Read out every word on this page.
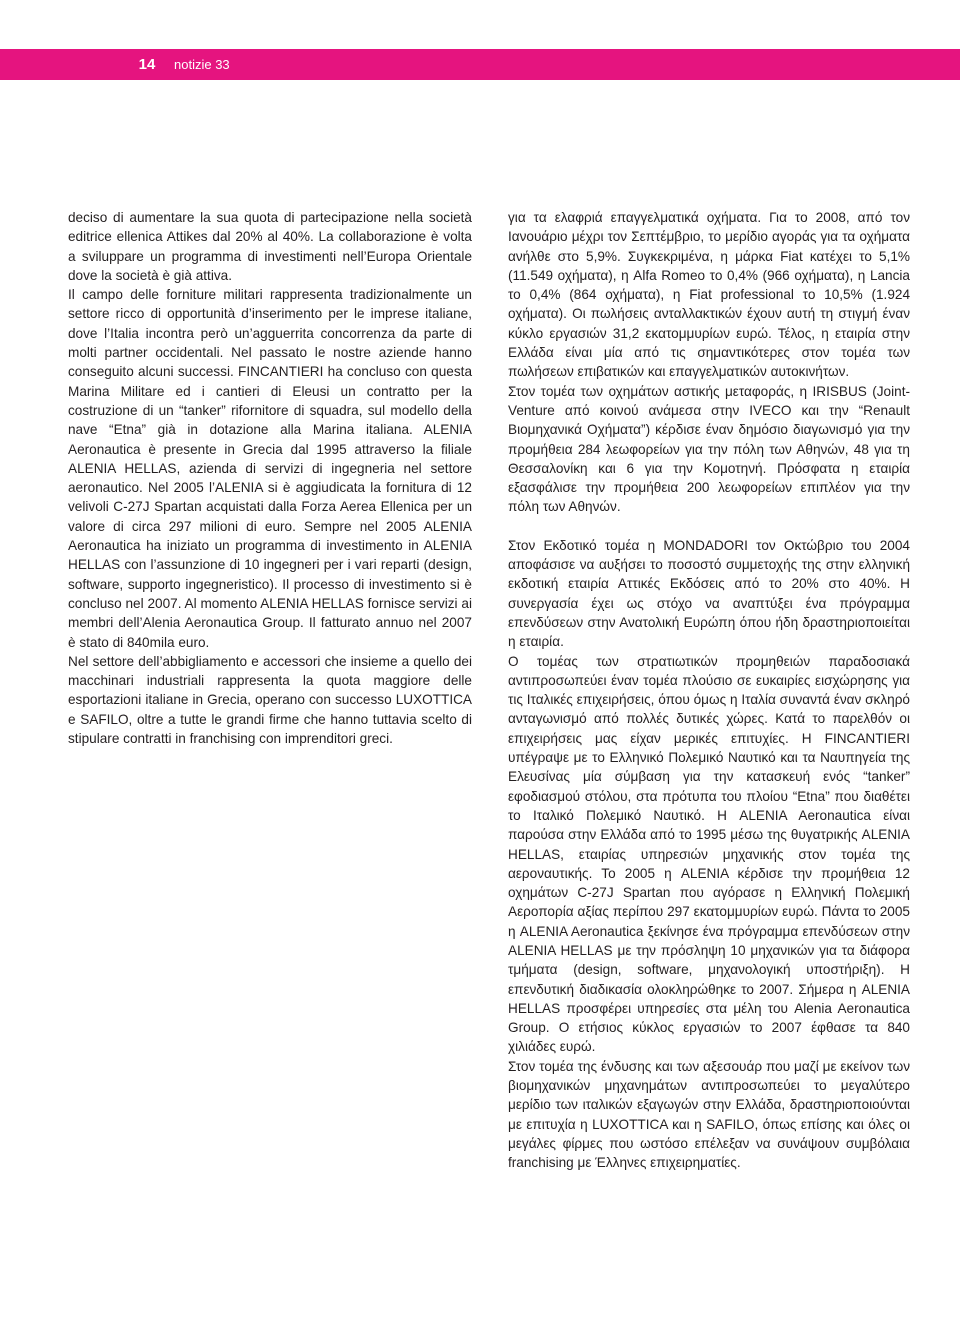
14	notizie 33

deciso di aumentare la sua quota di partecipazione nella società editrice ellenica Attikes dal 20% al 40%. La collaborazione è volta a sviluppare un programma di investimenti nell’Europa Orientale dove la società è già attiva.

Il campo delle forniture militari rappresenta tradizionalmente un settore ricco di opportunità d’inserimento per le imprese italiane, dove l’Italia incontra però un’agguerrita concorrenza da parte di molti partner occidentali. Nel passato le nostre aziende hanno conseguito alcuni successi. FINCANTIERI ha concluso con questa Marina Militare ed i cantieri di Eleusi un contratto per la costruzione di un “tanker” rifornitore di squadra, sul modello della nave “Etna” già in dotazione alla Marina italiana. ALENIA Aeronautica è presente in Grecia dal 1995 attraverso la filiale ALENIA HELLAS, azienda di servizi di ingegneria nel settore aeronautico. Nel 2005 l’ALENIA si è aggiudicata la fornitura di 12 velivoli C-27J Spartan acquistati dalla Forza Aerea Ellenica per un valore di circa 297 milioni di euro. Sempre nel 2005 ALENIA Aeronautica ha iniziato un programma di investimento in ALENIA HELLAS con l’assunzione di 10 ingegneri per i vari reparti (design, software, supporto ingegneristico). Il processo di investimento si è concluso nel 2007. Al momento ALENIA HELLAS fornisce servizi ai membri dell’Alenia Aeronautica Group. Il fatturato annuo nel 2007 è stato di 840mila euro.

Nel settore dell’abbigliamento e accessori che insieme a quello dei macchinari industriali rappresenta la quota maggiore delle esportazioni italiane in Grecia, operano con successo LUXOTTICA e SAFILO, oltre a tutte le grandi firme che hanno tuttavia scelto di stipulare contratti in franchising con imprenditori greci.

για τα ελαφριά επαγγελματικά οχήματα. Για το 2008, από τον Ιανουάριο μέχρι τον Σεπτέμβριο, το μερίδιο αγοράς για τα οχήματα ανήλθε στο 5,9%. Συγκεκριμένα, η μάρκα Fiat κατέχει το 5,1% (11.549 οχήματα), η Alfa Romeo το 0,4% (966 οχήματα), η Lancia το 0,4% (864 οχήματα), η Fiat professional το 10,5% (1.924 οχήματα). Οι πωλήσεις ανταλλακτικών έχουν αυτή τη στιγμή έναν κύκλο εργασιών 31,2 εκατομμυρίων ευρώ. Τέλος, η εταιρία στην Ελλάδα είναι μία από τις σημαντικότερες στον τομέα των πωλήσεων επιβατικών και επαγγελματικών αυτοκινήτων.

Στον τομέα των οχημάτων αστικής μεταφοράς, η IRISBUS (Joint-Venture από κοινού ανάμεσα στην IVECO και την “Renault Βιομηχανικά Οχήματα”) κέρδισε έναν δημόσιο διαγωνισμό για την προμήθεια 284 λεωφορείων για την πόλη των Αθηνών, 48 για τη Θεσσαλονίκη και 6 για την Κομοτηνή. Πρόσφατα η εταιρία εξασφάλισε την προμήθεια 200 λεωφορείων επιπλέον για την πόλη των Αθηνών.

Στον Εκδοτικό τομέα η MONDADORI τον Οκτώβριο του 2004 αποφάσισε να αυξήσει το ποσοστό συμμετοχής της στην ελληνική εκδοτική εταιρία Αττικές Εκδόσεις από το 20% στο 40%. Η συνεργασία έχει ως στόχο να αναπτύξει ένα πρόγραμμα επενδύσεων στην Ανατολική Ευρώπη όπου ήδη δραστηριοποιείται η εταιρία.

Ο τομέας των στρατιωτικών προμηθειών παραδοσιακά αντιπροσωπεύει έναν τομέα πλούσιο σε ευκαιρίες εισχώρησης για τις Ιταλικές επιχειρήσεις, όπου όμως η Ιταλία συναντά έναν σκληρό ανταγωνισμό από πολλές δυτικές χώρες. Κατά το παρελθόν οι επιχειρήσεις μας είχαν μερικές επιτυχίες. Η FINCANTIERI υπέγραψε με το Ελληνικό Πολεμικό Ναυτικό και τα Ναυπηγεία της Ελευσίνας μία σύμβαση για την κατασκευή ενός “tanker” εφοδιασμού στόλου, στα πρότυπα του πλοίου “Etna” που διαθέτει το Ιταλικό Πολεμικό Ναυτικό. Η ALENIA Aeronautica είναι παρούσα στην Ελλάδα από το 1995 μέσω της θυγατρικής ALENIA HELLAS, εταιρίας υπηρεσιών μηχανικής στον τομέα της αεροναυτικής. Το 2005 η ALENIA κέρδισε την προμήθεια 12 οχημάτων C-27J Spartan που αγόρασε η Ελληνική Πολεμική Αεροπορία αξίας περίπου 297 εκατομμυρίων ευρώ. Πάντα το 2005 η ALENIA Aeronautica ξεκίνησε ένα πρόγραμμα επενδύσεων στην ALENIA HELLAS με την πρόσληψη 10 μηχανικών για τα διάφορα τμήματα (design, software, μηχανολογική υποστήριξη). Η επενδυτική διαδικασία ολοκληρώθηκε το 2007. Σήμερα η ALENIA HELLAS προσφέρει υπηρεσίες στα μέλη του Alenia Aeronautica Group. Ο ετήσιος κύκλος εργασιών το 2007 έφθασε τα 840 χιλιάδες ευρώ.

Στον τομέα της ένδυσης και των αξεσουάρ που μαζί με εκείνον των βιομηχανικών μηχανημάτων αντιπροσωπεύει το μεγαλύτερο μερίδιο των ιταλικών εξαγωγών στην Ελλάδα, δραστηριοποιούνται με επιτυχία η LUXOTTICA και η SAFILO, όπως επίσης και όλες οι μεγάλες φίρμες που ωστόσο επέλεξαν να συνάψουν συμβόλαια franchising με Έλληνες επιχειρηματίες.
